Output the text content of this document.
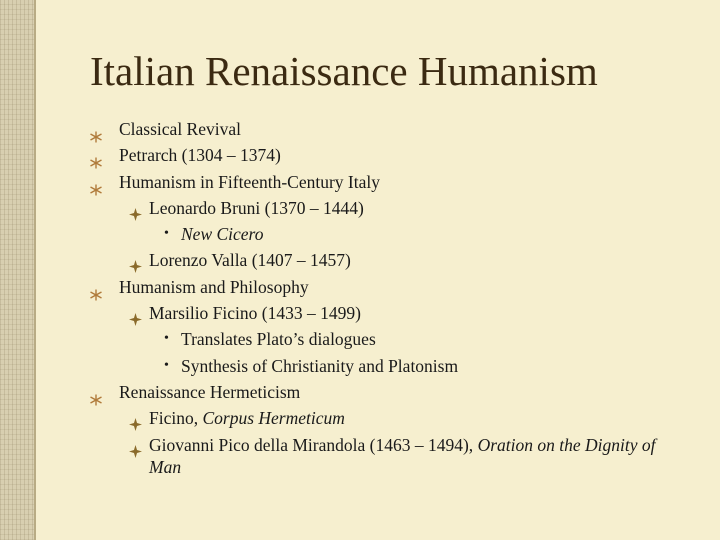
Italian Renaissance Humanism
Classical Revival
Petrarch (1304 – 1374)
Humanism in Fifteenth-Century Italy
Leonardo Bruni (1370 – 1444)
• New Cicero
Lorenzo Valla (1407 – 1457)
Humanism and Philosophy
Marsilio Ficino (1433 – 1499)
• Translates Plato’s dialogues
• Synthesis of Christianity and Platonism
Renaissance Hermeticism
Ficino, Corpus Hermeticum
Giovanni Pico della Mirandola (1463 – 1494), Oration on the Dignity of Man
